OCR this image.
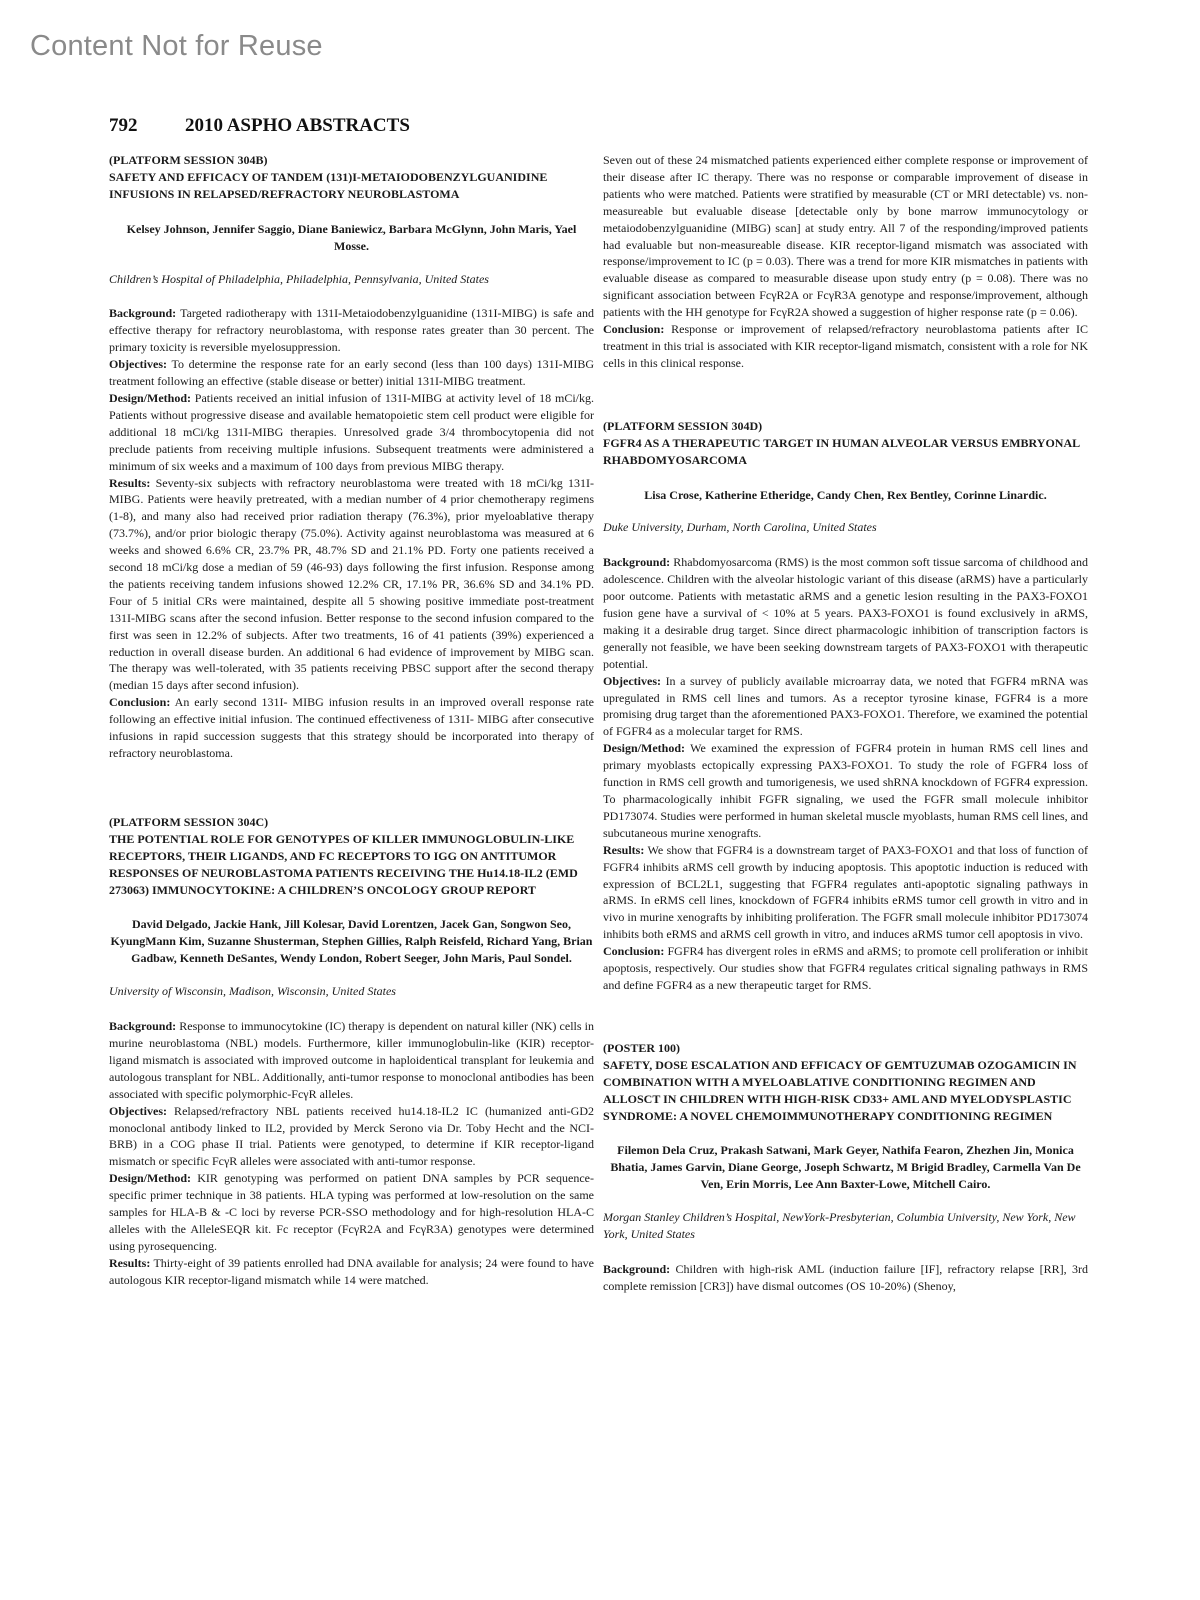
Content Not for Reuse
792	2010 ASPHO ABSTRACTS
(PLATFORM SESSION 304B)
SAFETY AND EFFICACY OF TANDEM (131)I-METAIODOBENZYLGUANIDINE INFUSIONS IN RELAPSED/REFRACTORY NEUROBLASTOMA
Kelsey Johnson, Jennifer Saggio, Diane Baniewicz, Barbara McGlynn, John Maris, Yael Mosse.
Children’s Hospital of Philadelphia, Philadelphia, Pennsylvania, United States

Background: Targeted radiotherapy with 131I-Metaiodobenzylguanidine (131I-MIBG) is safe and effective therapy for refractory neuroblastoma, with response rates greater than 30 percent. The primary toxicity is reversible myelosuppression.

Objectives: To determine the response rate for an early second (less than 100 days) 131I-MIBG treatment following an effective (stable disease or better) initial 131I-MIBG treatment.

Design/Method: Patients received an initial infusion of 131I-MIBG at activity level of 18 mCi/kg. Patients without progressive disease and available hematopoietic stem cell product were eligible for additional 18 mCi/kg 131I-MIBG therapies. Unresolved grade 3/4 thrombocytopenia did not preclude patients from receiving multiple infusions. Subsequent treatments were administered a minimum of six weeks and a maximum of 100 days from previous MIBG therapy.

Results: Seventy-six subjects with refractory neuroblastoma were treated with 18 mCi/kg 131I-MIBG. Patients were heavily pretreated, with a median number of 4 prior chemotherapy regimens (1-8), and many also had received prior radiation therapy (76.3%), prior myeloablative therapy (73.7%), and/or prior biologic therapy (75.0%). Activity against neuroblastoma was measured at 6 weeks and showed 6.6% CR, 23.7% PR, 48.7% SD and 21.1% PD. Forty one patients received a second 18 mCi/kg dose a median of 59 (46-93) days following the first infusion. Response among the patients receiving tandem infusions showed 12.2% CR, 17.1% PR, 36.6% SD and 34.1% PD. Four of 5 initial CRs were maintained, despite all 5 showing positive immediate post-treatment 131I-MIBG scans after the second infusion. Better response to the second infusion compared to the first was seen in 12.2% of subjects. After two treatments, 16 of 41 patients (39%) experienced a reduction in overall disease burden. An additional 6 had evidence of improvement by MIBG scan. The therapy was well-tolerated, with 35 patients receiving PBSC support after the second therapy (median 15 days after second infusion).

Conclusion: An early second 131I- MIBG infusion results in an improved overall response rate following an effective initial infusion. The continued effectiveness of 131I- MIBG after consecutive infusions in rapid succession suggests that this strategy should be incorporated into therapy of refractory neuroblastoma.

(PLATFORM SESSION 304C)
THE POTENTIAL ROLE FOR GENOTYPES OF KILLER IMMUNOGLOBULIN-LIKE RECEPTORS, THEIR LIGANDS, AND FC RECEPTORS TO IGG ON ANTITUMOR RESPONSES OF NEUROBLASTOMA PATIENTS RECEIVING THE Hu14.18-IL2 (EMD 273063) IMMUNOCYTOKINE: A CHILDREN’S ONCOLOGY GROUP REPORT
David Delgado, Jackie Hank, Jill Kolesar, David Lorentzen, Jacek Gan, Songwon Seo, KyungMann Kim, Suzanne Shusterman, Stephen Gillies, Ralph Reisfeld, Richard Yang, Brian Gadbaw, Kenneth DeSantes, Wendy London, Robert Seeger, John Maris, Paul Sondel.
University of Wisconsin, Madison, Wisconsin, United States

Background: Response to immunocytokine (IC) therapy is dependent on natural killer (NK) cells in murine neuroblastoma (NBL) models. Furthermore, killer immunoglobulin-like (KIR) receptor-ligand mismatch is associated with improved outcome in haploidentical transplant for leukemia and autologous transplant for NBL. Additionally, anti-tumor response to monoclonal antibodies has been associated with specific polymorphic-FcγR alleles.

Objectives: Relapsed/refractory NBL patients received hu14.18-IL2 IC (humanized anti-GD2 monoclonal antibody linked to IL2, provided by Merck Serono via Dr. Toby Hecht and the NCI-BRB) in a COG phase II trial. Patients were genotyped, to determine if KIR receptor-ligand mismatch or specific FcγR alleles were associated with anti-tumor response.

Design/Method: KIR genotyping was performed on patient DNA samples by PCR sequence-specific primer technique in 38 patients. HLA typing was performed at low-resolution on the same samples for HLA-B & -C loci by reverse PCR-SSO methodology and for high-resolution HLA-C alleles with the AlleleSEQR kit. Fc receptor (FcγR2A and FcγR3A) genotypes were determined using pyrosequencing.

Results: Thirty-eight of 39 patients enrolled had DNA available for analysis; 24 were found to have autologous KIR receptor-ligand mismatch while 14 were matched.

Seven out of these 24 mismatched patients experienced either complete response or improvement of their disease after IC therapy. There was no response or comparable improvement of disease in patients who were matched. Patients were stratified by measurable (CT or MRI detectable) vs. non-measureable but evaluable disease [detectable only by bone marrow immunocytology or metaiodobenzylguanidine (MIBG) scan] at study entry. All 7 of the responding/improved patients had evaluable but non-measureable disease. KIR receptor-ligand mismatch was associated with response/improvement to IC (p = 0.03). There was a trend for more KIR mismatches in patients with evaluable disease as compared to measurable disease upon study entry (p = 0.08). There was no significant association between FcγR2A or FcγR3A genotype and response/improvement, although patients with the HH genotype for FcγR2A showed a suggestion of higher response rate (p = 0.06).

Conclusion: Response or improvement of relapsed/refractory neuroblastoma patients after IC treatment in this trial is associated with KIR receptor-ligand mismatch, consistent with a role for NK cells in this clinical response.

(PLATFORM SESSION 304D)
FGFR4 AS A THERAPEUTIC TARGET IN HUMAN ALVEOLAR VERSUS EMBRYONAL RHABDOMYOSARCOMA
Lisa Crose, Katherine Etheridge, Candy Chen, Rex Bentley, Corinne Linardic.
Duke University, Durham, North Carolina, United States

Background: Rhabdomyosarcoma (RMS) is the most common soft tissue sarcoma of childhood and adolescence. Children with the alveolar histologic variant of this disease (aRMS) have a particularly poor outcome. Patients with metastatic aRMS and a genetic lesion resulting in the PAX3-FOXO1 fusion gene have a survival of < 10% at 5 years. PAX3-FOXO1 is found exclusively in aRMS, making it a desirable drug target. Since direct pharmacologic inhibition of transcription factors is generally not feasible, we have been seeking downstream targets of PAX3-FOXO1 with therapeutic potential.

Objectives: In a survey of publicly available microarray data, we noted that FGFR4 mRNA was upregulated in RMS cell lines and tumors. As a receptor tyrosine kinase, FGFR4 is a more promising drug target than the aforementioned PAX3-FOXO1. Therefore, we examined the potential of FGFR4 as a molecular target for RMS.

Design/Method: We examined the expression of FGFR4 protein in human RMS cell lines and primary myoblasts ectopically expressing PAX3-FOXO1. To study the role of FGFR4 loss of function in RMS cell growth and tumorigenesis, we used shRNA knockdown of FGFR4 expression. To pharmacologically inhibit FGFR signaling, we used the FGFR small molecule inhibitor PD173074. Studies were performed in human skeletal muscle myoblasts, human RMS cell lines, and subcutaneous murine xenografts.

Results: We show that FGFR4 is a downstream target of PAX3-FOXO1 and that loss of function of FGFR4 inhibits aRMS cell growth by inducing apoptosis. This apoptotic induction is reduced with expression of BCL2L1, suggesting that FGFR4 regulates anti-apoptotic signaling pathways in aRMS. In eRMS cell lines, knockdown of FGFR4 inhibits eRMS tumor cell growth in vitro and in vivo in murine xenografts by inhibiting proliferation. The FGFR small molecule inhibitor PD173074 inhibits both eRMS and aRMS cell growth in vitro, and induces aRMS tumor cell apoptosis in vivo.

Conclusion: FGFR4 has divergent roles in eRMS and aRMS; to promote cell proliferation or inhibit apoptosis, respectively. Our studies show that FGFR4 regulates critical signaling pathways in RMS and define FGFR4 as a new therapeutic target for RMS.

(POSTER 100)
SAFETY, DOSE ESCALATION AND EFFICACY OF GEMTUZUMAB OZOGAMICIN IN COMBINATION WITH A MYELOABLATIVE CONDITIONING REGIMEN AND ALLOSCT IN CHILDREN WITH HIGH-RISK CD33+ AML AND MYELODYSPLASTIC SYNDROME: A NOVEL CHEMOIMMUNOTHERAPY CONDITIONING REGIMEN
Filemon Dela Cruz, Prakash Satwani, Mark Geyer, Nathifa Fearon, Zhezhen Jin, Monica Bhatia, James Garvin, Diane George, Joseph Schwartz, M Brigid Bradley, Carmella Van De Ven, Erin Morris, Lee Ann Baxter-Lowe, Mitchell Cairo.
Morgan Stanley Children’s Hospital, NewYork-Presbyterian, Columbia University, New York, New York, United States

Background: Children with high-risk AML (induction failure [IF], refractory relapse [RR], 3rd complete remission [CR3]) have dismal outcomes (OS 10-20%) (Shenoy,
